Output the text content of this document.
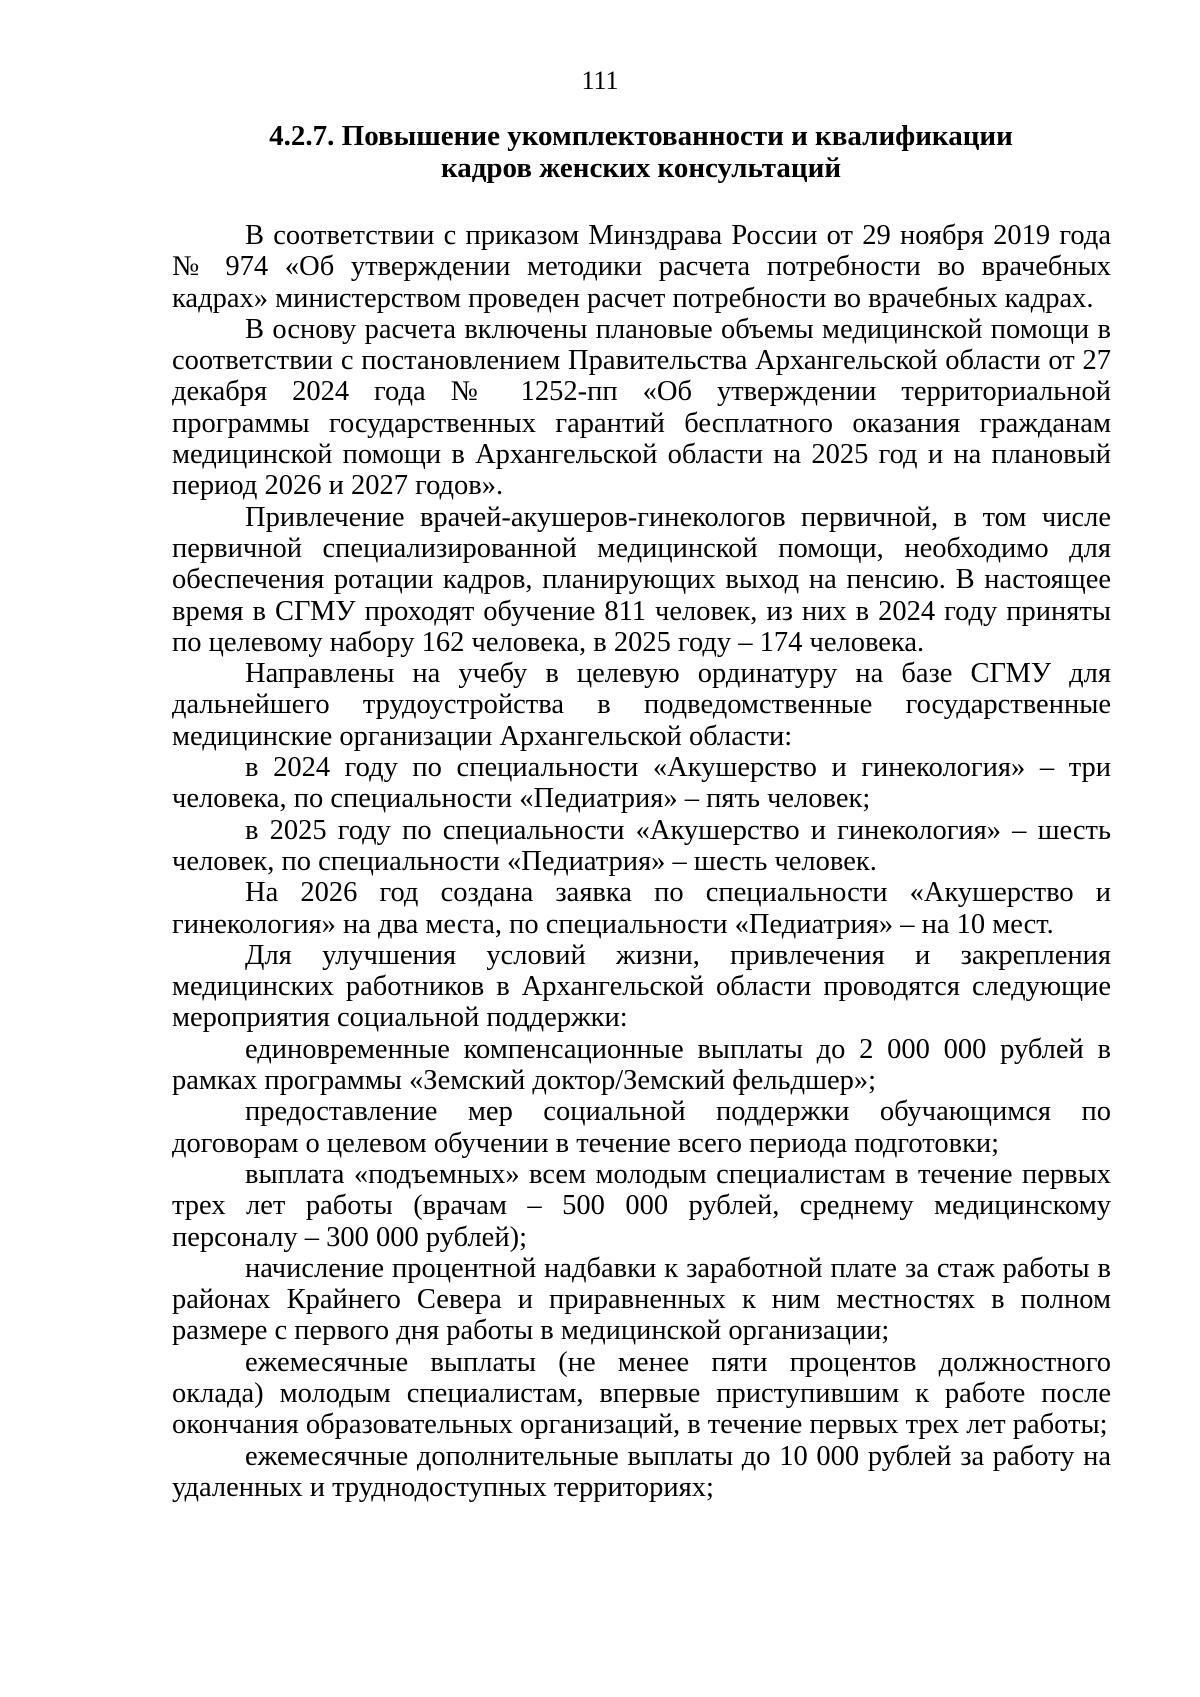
111
4.2.7. Повышение укомплектованности и квалификации
кадров женских консультаций

В соответствии с приказом Минздрава России от 29 ноября 2019 года № 974 «Об утверждении методики расчета потребности во врачебных кадрах» министерством проведен расчет потребности во врачебных кадрах.

В основу расчета включены плановые объемы медицинской помощи в соответствии с постановлением Правительства Архангельской области от 27 декабря 2024 года № 1252-пп «Об утверждении территориальной программы государственных гарантий бесплатного оказания гражданам медицинской помощи в Архангельской области на 2025 год и на плановый период 2026 и 2027 годов».

Привлечение врачей-акушеров-гинекологов первичной, в том числе первичной специализированной медицинской помощи, необходимо для обеспечения ротации кадров, планирующих выход на пенсию. В настоящее время в СГМУ проходят обучение 811 человек, из них в 2024 году приняты по целевому набору 162 человека, в 2025 году – 174 человека.

Направлены на учебу в целевую ординатуру на базе СГМУ для дальнейшего трудоустройства в подведомственные государственные медицинские организации Архангельской области:

в 2024 году по специальности «Акушерство и гинекология» – три человека, по специальности «Педиатрия» – пять человек;

в 2025 году по специальности «Акушерство и гинекология» – шесть человек, по специальности «Педиатрия» – шесть человек.

На 2026 год создана заявка по специальности «Акушерство и гинекология» на два места, по специальности «Педиатрия» – на 10 мест.

Для улучшения условий жизни, привлечения и закрепления медицинских работников в Архангельской области проводятся следующие мероприятия социальной поддержки:

единовременные компенсационные выплаты до 2 000 000 рублей в рамках программы «Земский доктор/Земский фельдшер»;

предоставление мер социальной поддержки обучающимся по договорам о целевом обучении в течение всего периода подготовки;

выплата «подъемных» всем молодым специалистам в течение первых трех лет работы (врачам – 500 000 рублей, среднему медицинскому персоналу – 300 000 рублей);

начисление процентной надбавки к заработной плате за стаж работы в районах Крайнего Севера и приравненных к ним местностях в полном размере с первого дня работы в медицинской организации;

ежемесячные выплаты (не менее пяти процентов должностного оклада) молодым специалистам, впервые приступившим к работе после окончания образовательных организаций, в течение первых трех лет работы;

ежемесячные дополнительные выплаты до 10 000 рублей за работу на удаленных и труднодоступных территориях;
